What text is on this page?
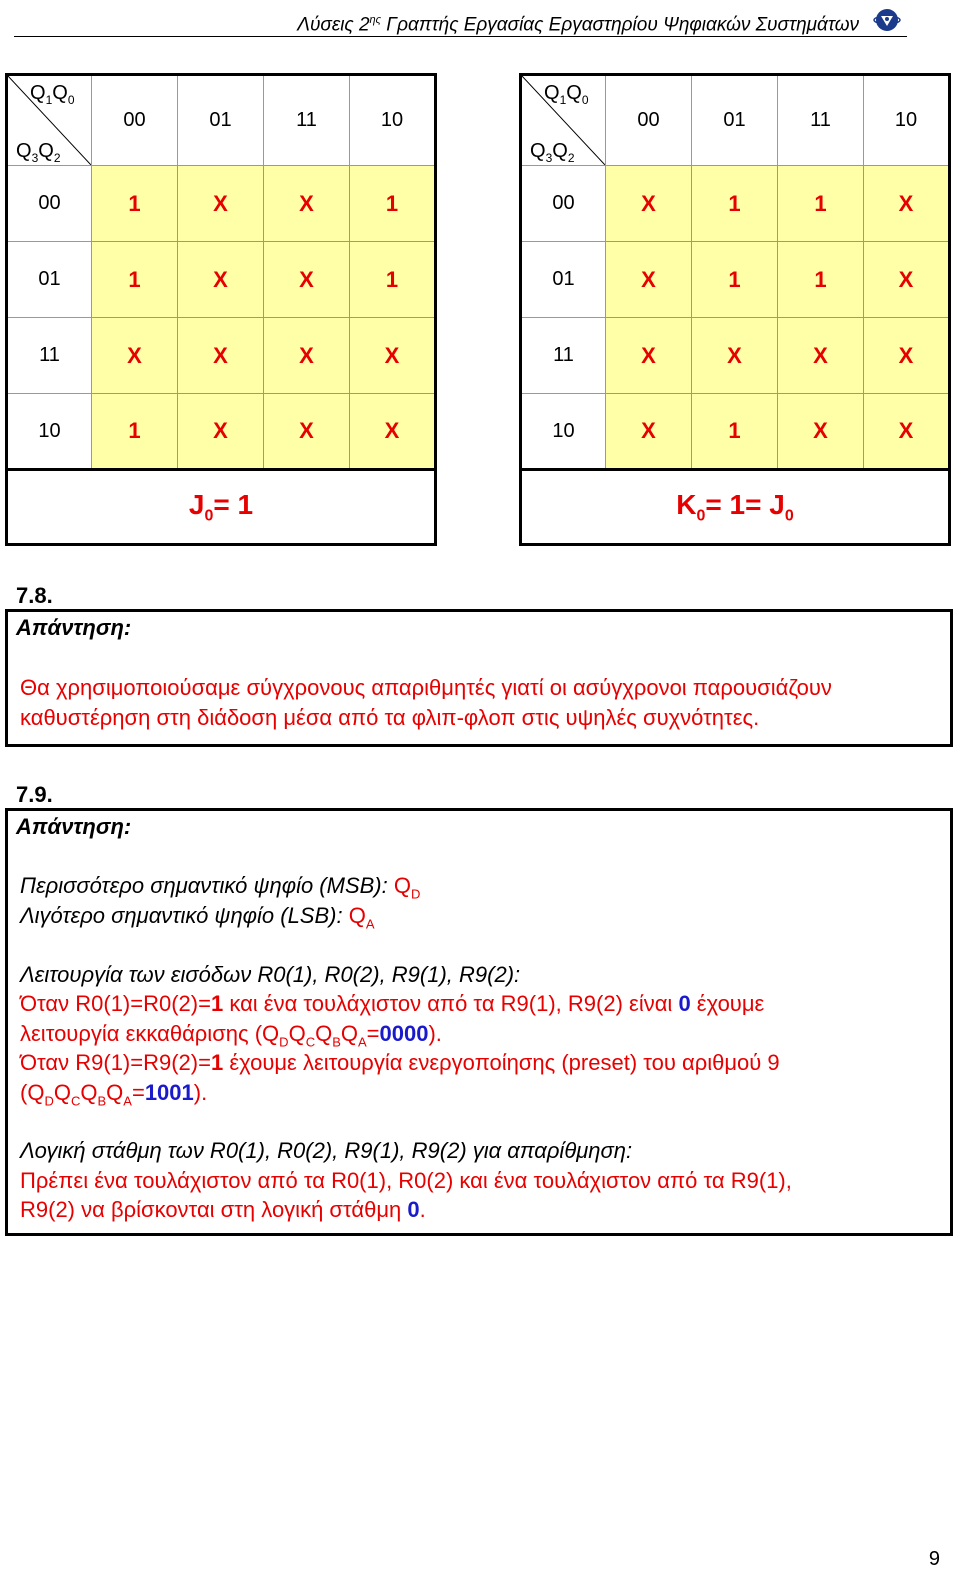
Λύσεις $2^{\eta\varsigma}$ Γραπτής Εργασίας Εργαστηρίου Ψηφιακών Συστημάτων
$Q_1Q_0$
$Q_3Q_2$	00	01	11	10
00	1	X	X	1
01	1	X	X	1
11	X	X	X	X
10	1	X	X	X
$J_0= 1$				
$Q_1Q_0$
$Q_3Q_2$	00	01	11	10
00	X	1	1	X
01	X	1	1	X
11	X	X	X	X
10	X	1	X	X
$K_0= 1= J_0$
7.8.
Απάντηση:
Θα χρησιμοποιούσαμε σύγχρονους απαριθμητές γιατί οι ασύγχρονοι παρουσιάζουν
καθυστέρηση στη διάδοση μέσα από τα φλιπ-φλοπ στις υψηλές συχνότητες.
7.9.
Απάντηση:
Περισσότερο σημαντικό ψηφίο (MSB): $Q_D$
Λιγότερο σημαντικό ψηφίο (LSB): $Q_A$
Λειτουργία των εισόδων R0(1), R0(2), R9(1), R9(2):
Όταν R0(1)=R0(2)=1 και ένα τουλάχιστον από τα R9(1), R9(2) είναι 0 έχουμε
λειτουργία εκκαθάρισης $(Q_DQ_CQ_BQ_A=0000)$.
Όταν R9(1)=R9(2)=1 έχουμε λειτουργία ενεργοποίησης (preset) του αριθμού 9
$(Q_DQ_CQ_BQ_A=1001)$.
Λογική στάθμη των R0(1), R0(2), R9(1), R9(2) για απαρίθμηση:
Πρέπει ένα τουλάχιστον από τα R0(1), R0(2) και ένα τουλάχιστον από τα R9(1),
R9(2) να βρίσκονται στη λογική στάθμη 0.
9
